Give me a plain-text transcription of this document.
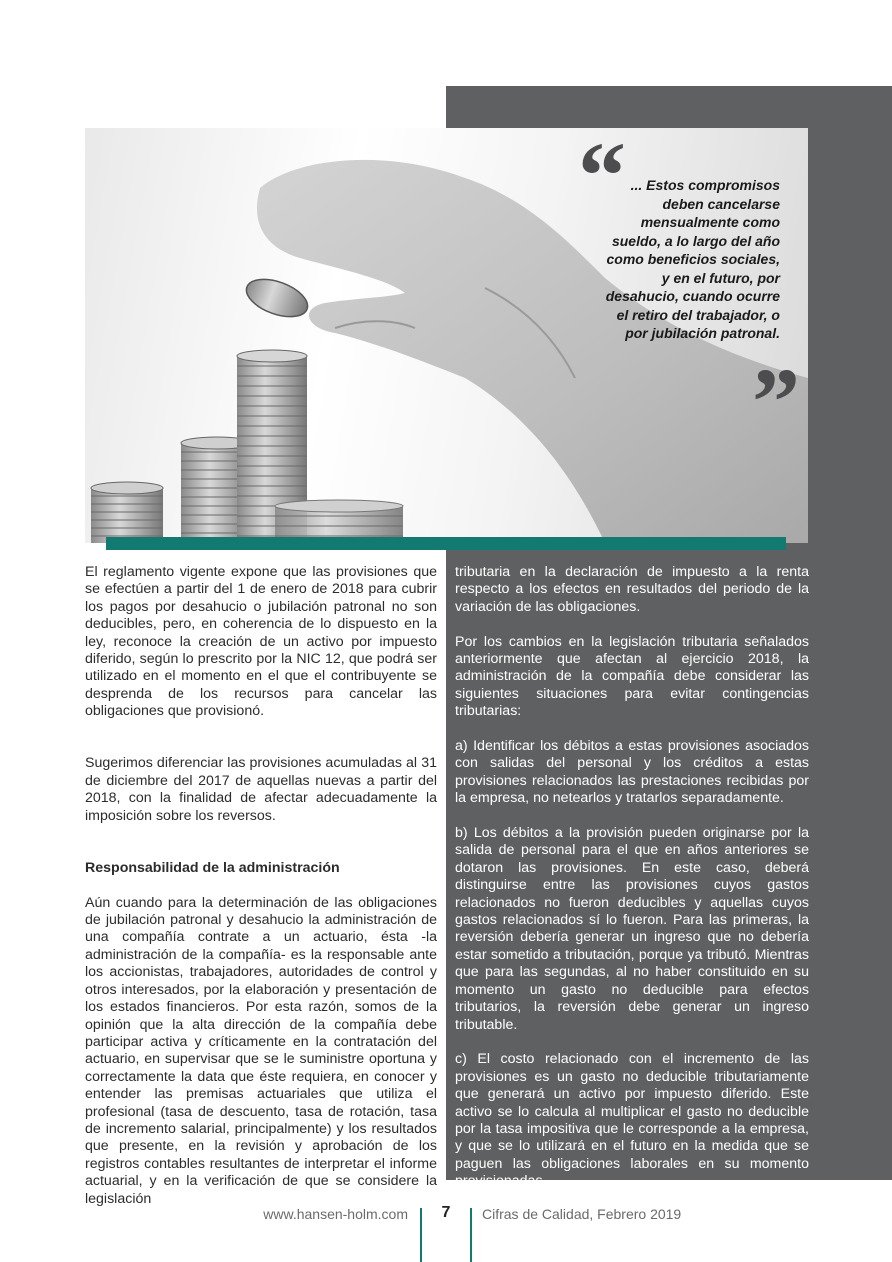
“ ... Estos compromisos deben cancelarse mensualmente como sueldo, a lo largo del año como beneficios sociales, y en el futuro, por desahucio, cuando ocurre el retiro del trabajador, o por jubilación patronal.
”

El reglamento vigente expone que las provisiones que se efectúen a partir del 1 de enero de 2018 para cubrir los pagos por desahucio o jubilación patronal no son deducibles, pero, en coherencia de lo dispuesto en la ley, reconoce la creación de un activo por impuesto diferido, según lo prescrito por la NIC 12, que podrá ser utilizado en el momento en el que el contribuyente se desprenda de los recursos para cancelar las obligaciones que provisionó.

Sugerimos diferenciar las provisiones acumuladas al 31 de diciembre del 2017 de aquellas nuevas a partir del 2018, con la finalidad de afectar adecuadamente la imposición sobre los reversos.

Responsabilidad de la administración

Aún cuando para la determinación de las obligaciones de jubilación patronal y desahucio la administración de una compañía contrate a un actuario, ésta -la administración de la compañía- es la responsable ante los accionistas, trabajadores, autoridades de control y otros interesados, por la elaboración y presentación de los estados financieros. Por esta razón, somos de la opinión que la alta dirección de la compañía debe participar activa y críticamente en la contratación del actuario, en supervisar que se le suministre oportuna y correctamente la data que éste requiera, en conocer y entender las premisas actuariales que utiliza el profesional (tasa de descuento, tasa de rotación, tasa de incremento salarial, principalmente) y los resultados que presente, en la revisión y aprobación de los registros contables resultantes de interpretar el informe actuarial, y en la verificación de que se considere la legislación

tributaria en la declaración de impuesto a la renta respecto a los efectos en resultados del periodo de la variación de las obligaciones.

Por los cambios en la legislación tributaria señalados anteriormente que afectan al ejercicio 2018, la administración de la compañía debe considerar las siguientes situaciones para evitar contingencias tributarias:

a) Identificar los débitos a estas provisiones asociados con salidas del personal y los créditos a estas provisiones relacionados las prestaciones recibidas por la empresa, no netearlos y tratarlos separadamente.

b) Los débitos a la provisión pueden originarse por la salida de personal para el que en años anteriores se dotaron las provisiones. En este caso, deberá distinguirse entre las provisiones cuyos gastos relacionados no fueron deducibles y aquellas cuyos gastos relacionados sí lo fueron. Para las primeras, la reversión debería generar un ingreso que no debería estar sometido a tributación, porque ya tributó. Mientras que para las segundas, al no haber constituido en su momento un gasto no deducible para efectos tributarios, la reversión debe generar un ingreso tributable.

c) El costo relacionado con el incremento de las provisiones es un gasto no deducible tributariamente que generará un activo por impuesto diferido. Este activo se lo calcula al multiplicar el gasto no deducible por la tasa impositiva que le corresponde a la empresa, y que se lo utilizará en el futuro en la medida que se paguen las obligaciones laborales en su momento provisionadas.

www.hansen-holm.com	7	Cifras de Calidad, Febrero 2019
